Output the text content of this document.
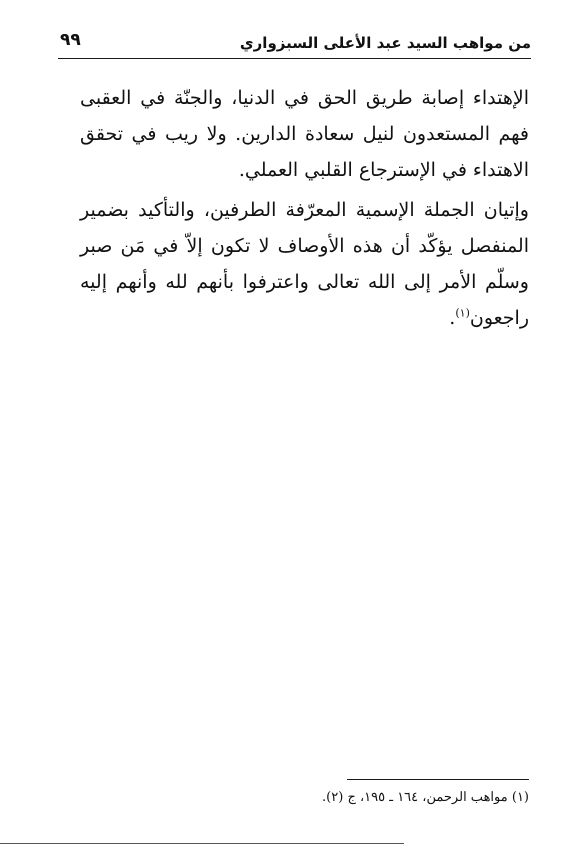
من مواهب السيد عبد الأعلى السبزواري
٩٩

الإهتداء إصابة طريق الحق في الدنيا، والجنّة في العقبى فهم المستعدون لنيل سعادة الدارين. ولا ريب في تحقق الاهتداء في الإسترجاع القلبي العملي.

وإتيان الجملة الإسمية المعرّفة الطرفين، والتأكيد بضمير المنفصل يؤكّد أن هذه الأوصاف لا تكون إلاّ في مَن صبر وسلّم الأمر إلى الله تعالى واعترفوا بأنهم لله وأنهم إليه راجعون$^{(١)}$.

(١) مواهب الرحمن، ١٦٤ ـ ١٩٥، ج (٢).
